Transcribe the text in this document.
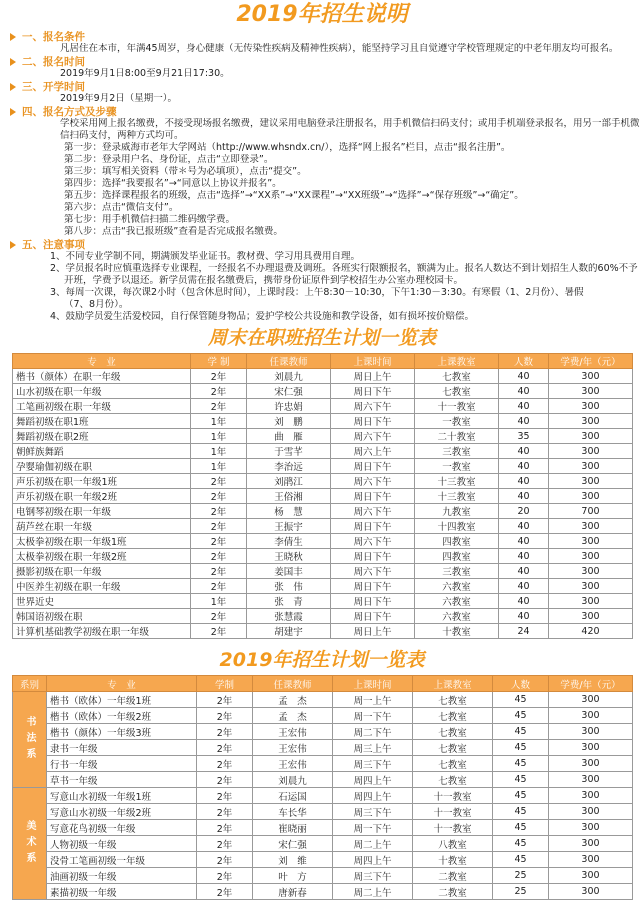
2019年招生说明
一、报名条件
凡居住在本市，年满45周岁，身心健康（无传染性疾病及精神性疾病），能坚持学习且自觉遵守学校管理规定的中老年朋友均可报名。
二、报名时间
2019年9月1日8:00至9月21日17:30。
三、开学时间
2019年9月2日（星期一）。
四、报名方式及步骤
学校采用网上报名缴费，不接受现场报名缴费，建议采用电脑登录注册报名，用手机微信扫码支付；或用手机端登录报名，用另一部手机微
信扫码支付，两种方式均可。
第一步：登录威海市老年大学网站（http://www.whsndx.cn/），选择“网上报名”栏目，点击“报名注册”。
第二步：登录用户名、身份证，点击“立即登录”。
第三步：填写相关资料（带＊号为必填项），点击“提交”。
第四步：选择“我要报名”→“同意以上协议并报名”。
第五步：选择课程报名的班级，点击“选择”→“XX系”→“XX课程”→“XX班级”→“选择”→“保存班级”→“确定”。
第六步：点击“微信支付”。
第七步：用手机微信扫描二维码缴学费。
第八步：点击“我已报班级”查看是否完成报名缴费。
五、注意事项
1、不同专业学制不同，期满颁发毕业证书。教材费、学习用具费用自理。
2、学员报名时应慎重选择专业课程，一经报名不办理退费及调班。各班实行限额报名，额满为止。报名人数达不到计划招生人数的60%不予
开班，学费予以退还。新学员需在报名缴费后，携带身份证原件到学校招生办公室办理校园卡。
3、每周一次课，每次课2小时（包含休息时间），上课时段：上午8:30－10:30，下午1:30－3:30。有寒假（1、2月份）、暑假
（7、8月份）。
4、鼓励学员爱生活爱校园，自行保管随身物品；爱护学校公共设施和教学设备，如有损坏按价赔偿。
周末在职班招生计划一览表
专　业	学 制	任课教师	上课时间	上课教室	人数	学费/年（元）
楷书（颜体）在职一年级	2年	刘晨九	周日上午	七教室	40	300
山水初级在职一年级	2年	宋仁强	周日下午	七教室	40	300
工笔画初级在职一年级	2年	许忠娟	周六下午	十一教室	40	300
舞蹈初级在职1班	1年	刘　鹏	周日下午	一教室	40	300
舞蹈初级在职2班	1年	曲　雁	周六下午	二十教室	35	300
朝鲜族舞蹈	1年	于雪芊	周六上午	三教室	40	300
孕婴瑜伽初级在职	1年	李治远	周日下午	一教室	40	300
声乐初级在职一年级1班	2年	刘鹃江	周六下午	十三教室	40	300
声乐初级在职一年级2班	2年	王俗湘	周日下午	十三教室	40	300
电钢琴初级在职一年级	2年	杨　慧	周六下午	九教室	20	700
葫芦丝在职一年级	2年	王振宇	周日下午	十四教室	40	300
太极拳初级在职一年级1班	2年	李倩生	周六下午	四教室	40	300
太极拳初级在职一年级2班	2年	王晓秋	周日下午	四教室	40	300
摄影初级在职一年级	2年	姜国丰	周六下午	三教室	40	300
中医养生初级在职一年级	2年	张　伟	周日下午	六教室	40	300
世界近史	1年	张　青	周日下午	六教室	40	300
韩国语初级在职	2年	张慧霞	周日下午	六教室	40	300
计算机基础教学初级在职一年级	2年	胡建宇	周日上午	十教室	24	420
2019年招生计划一览表
系别	专　业	学制	任课教师	上课时间	上课教室	人数	学费/年（元）
书法系	楷书（欧体）一年级1班	2年	孟　杰	周一上午	七教室	45	300
	楷书（欧体）一年级2班	2年	孟　杰	周一下午	七教室	45	300
	楷书（颜体）一年级3班	2年	王宏伟	周二下午	七教室	45	300
	隶书一年级	2年	王宏伟	周三上午	七教室	45	300
	行书一年级	2年	王宏伟	周三下午	七教室	45	300
	草书一年级	2年	刘晨九	周四上午	七教室	45	300
美术系	写意山水初级一年级1班	2年	石运国	周四上午	十一教室	45	300
	写意山水初级一年级2班	2年	车长华	周三下午	十一教室	45	300
	写意花鸟初级一年级	2年	崔晓丽	周一下午	十一教室	45	300
	人物初级一年级	2年	宋仁强	周二上午	八教室	45	300
	没骨工笔画初级一年级	2年	刘　维	周四上午	十教室	45	300
	油画初级一年级	2年	叶　方	周三下午	二教室	25	300
	素描初级一年级	2年	唐新春	周二上午	二教室	25	300
